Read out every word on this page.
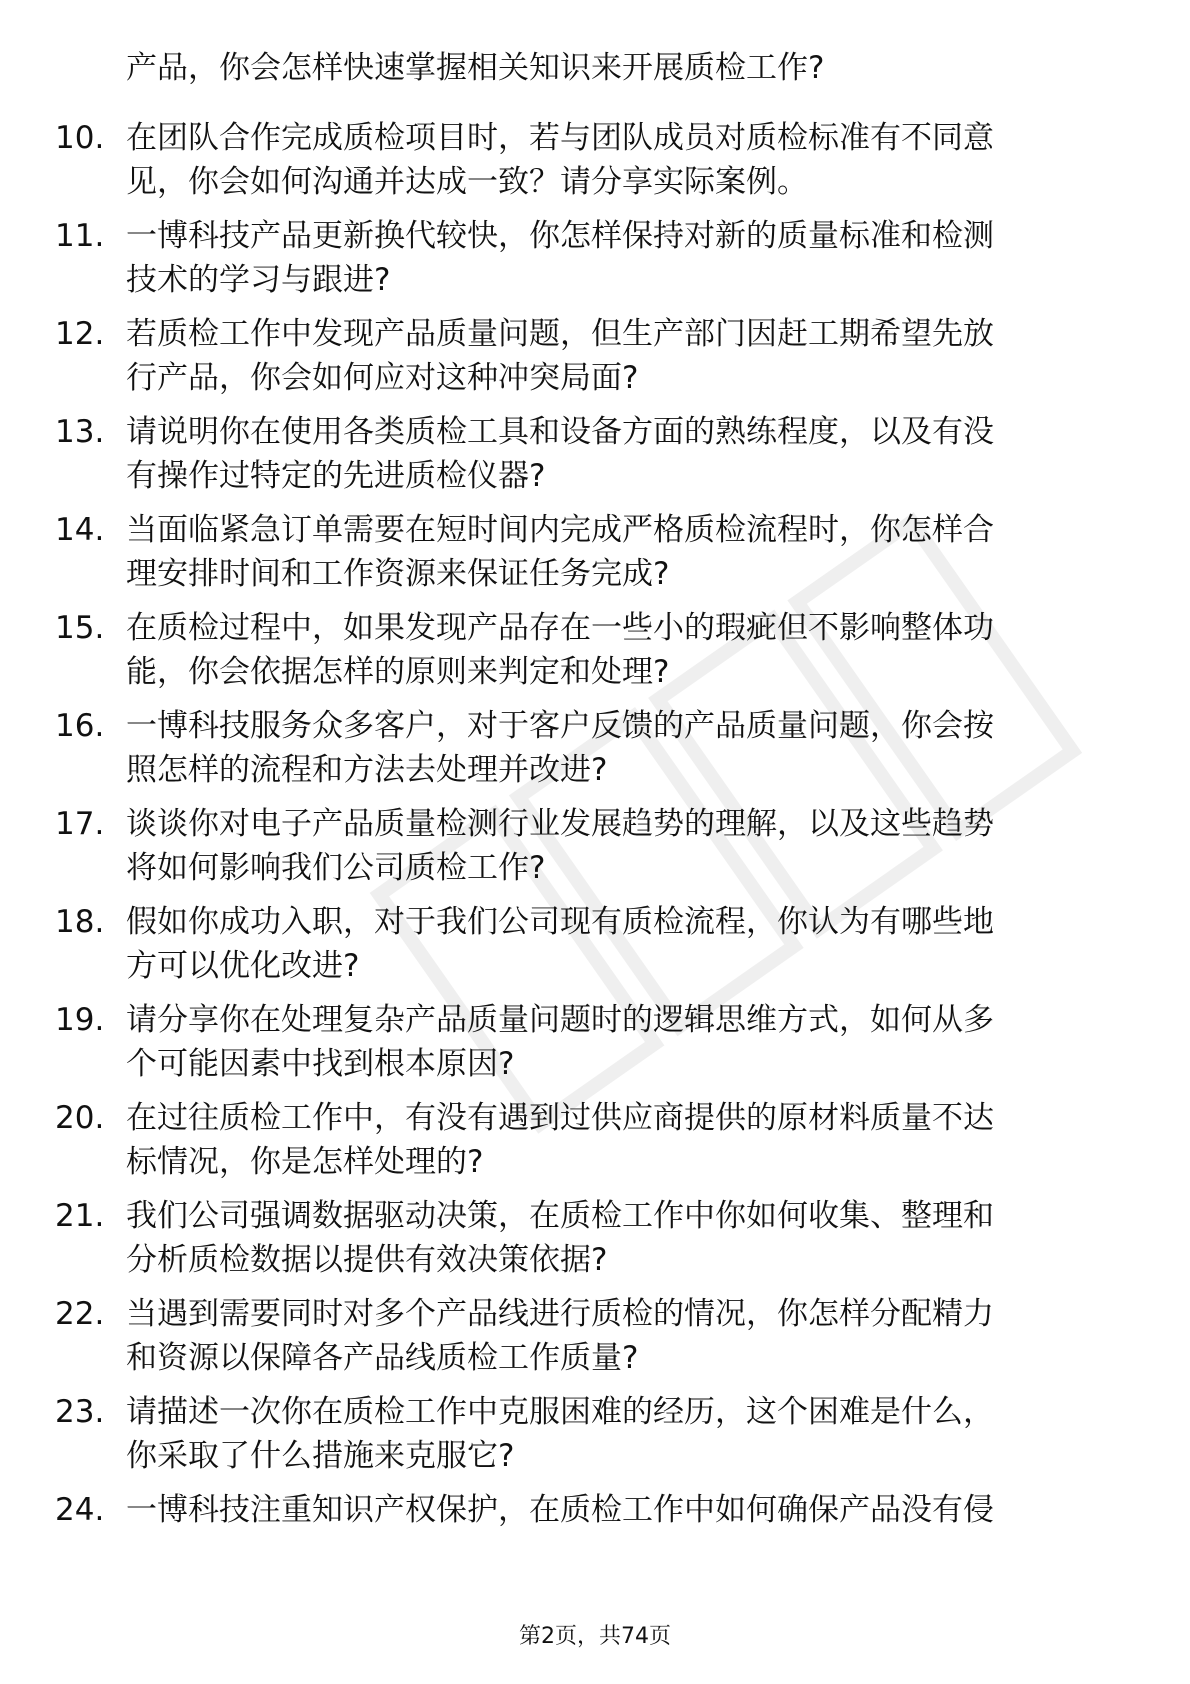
产品，你会怎样快速掌握相关知识来开展质检工作?
10. 在团队合作完成质检项目时，若与团队成员对质检标准有不同意
见，你会如何沟通并达成一致？请分享实际案例。
11. 一博科技产品更新换代较快，你怎样保持对新的质量标准和检测
技术的学习与跟进?
12. 若质检工作中发现产品质量问题，但生产部门因赶工期希望先放
行产品，你会如何应对这种冲突局面?
13. 请说明你在使用各类质检工具和设备方面的熟练程度，以及有没
有操作过特定的先进质检仪器?
14. 当面临紧急订单需要在短时间内完成严格质检流程时，你怎样合
理安排时间和工作资源来保证任务完成?
15. 在质检过程中，如果发现产品存在一些小的瑕疵但不影响整体功
能，你会依据怎样的原则来判定和处理?
16. 一博科技服务众多客户，对于客户反馈的产品质量问题，你会按
照怎样的流程和方法去处理并改进?
17. 谈谈你对电子产品质量检测行业发展趋势的理解，以及这些趋势
将如何影响我们公司质检工作?
18. 假如你成功入职，对于我们公司现有质检流程，你认为有哪些地
方可以优化改进?
19. 请分享你在处理复杂产品质量问题时的逻辑思维方式，如何从多
个可能因素中找到根本原因?
20. 在过往质检工作中，有没有遇到过供应商提供的原材料质量不达
标情况，你是怎样处理的?
21. 我们公司强调数据驱动决策，在质检工作中你如何收集、整理和
分析质检数据以提供有效决策依据?
22. 当遇到需要同时对多个产品线进行质检的情况，你怎样分配精力
和资源以保障各产品线质检工作质量?
23. 请描述一次你在质检工作中克服困难的经历，这个困难是什么，
你采取了什么措施来克服它?
24. 一博科技注重知识产权保护，在质检工作中如何确保产品没有侵
第2页，共74页
